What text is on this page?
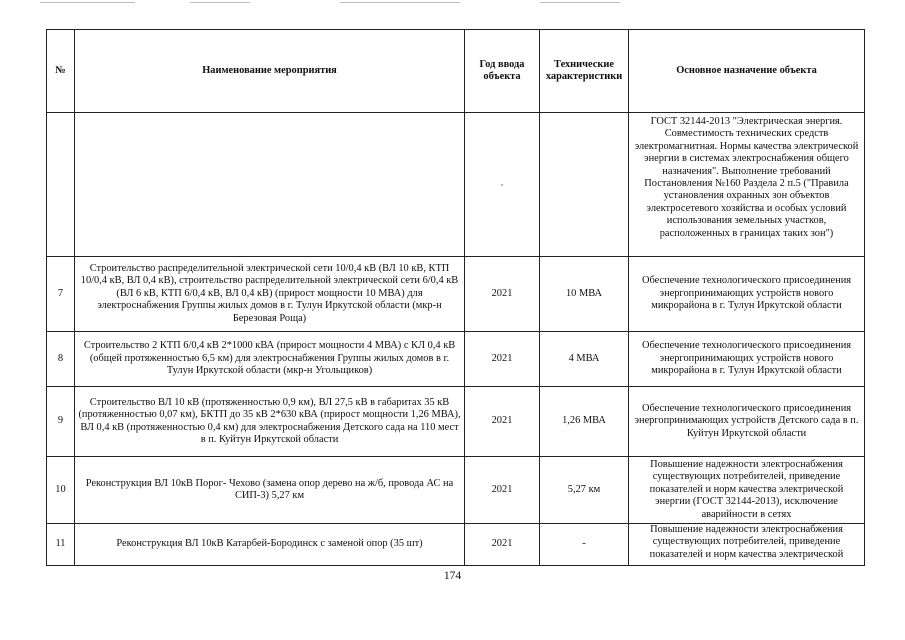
№	Наименование мероприятия	Год ввода объекта	Технические характеристики	Основное назначение объекта
				ГОСТ 32144-2013 "Электрическая энергия. Совместимость технических средств электромагнитная. Нормы качества электрической энергии в системах электроснабжения общего назначения". Выполнение требований Постановления №160 Раздела 2 п.5 ("Правила установления охранных зон объектов электросетевого хозяйства и особых условий использования земельных участков, расположенных в границах таких зон")
7	Строительство распределительной электрической сети 10/0,4 кВ (ВЛ 10 кВ, КТП 10/0,4 кВ, ВЛ 0,4 кВ), строительство распределительной электрической сети 6/0,4 кВ (ВЛ 6 кВ, КТП 6/0,4 кВ, ВЛ 0,4 кВ) (прирост мощности 10 МВА) для электроснабжения Группы жилых домов в г. Тулун Иркутской области (мкр-н Березовая Роща)	2021	10 МВА	Обеспечение технологического присоединения энергопринимающих устройств нового микрорайона в г. Тулун Иркутской области
8	Строительство 2 КТП 6/0,4 кВ 2*1000 кВА (прирост мощности 4 МВА) с КЛ 0,4 кВ (общей протяженностью 6,5 км) для электроснабжения Группы жилых домов в г. Тулун Иркутской области (мкр-н Угольщиков)	2021	4 МВА	Обеспечение технологического присоединения энергопринимающих устройств нового микрорайона в г. Тулун Иркутской области
9	Строительство ВЛ 10 кВ (протяженностью 0,9 км), ВЛ 27,5 кВ в габаритах 35 кВ (протяженностью 0,07 км), БКТП до 35 кВ 2*630 кВА (прирост мощности 1,26 МВА), ВЛ 0,4 кВ (протяженностью 0,4 км) для электроснабжения Детского сада на 110 мест в п. Куйтун Иркутской области	2021	1,26 МВА	Обеспечение технологического присоединения энергопринимающих устройств Детского сада в п. Куйтун Иркутской области
10	Реконструкция ВЛ 10кВ Порог- Чехово (замена опор дерево на ж/б, провода АС на СИП-3) 5,27 км	2021	5,27 км	Повышение надежности электроснабжения существующих потребителей, приведение показателей и норм качества электрической энергии (ГОСТ 32144-2013), исключение аварийности в сетях
11	Реконструкция ВЛ 10кВ Катарбей-Бородинск с заменой опор (35 шт)	2021	-	Повышение надежности электроснабжения существующих потребителей, приведение показателей и норм качества электрической
174
